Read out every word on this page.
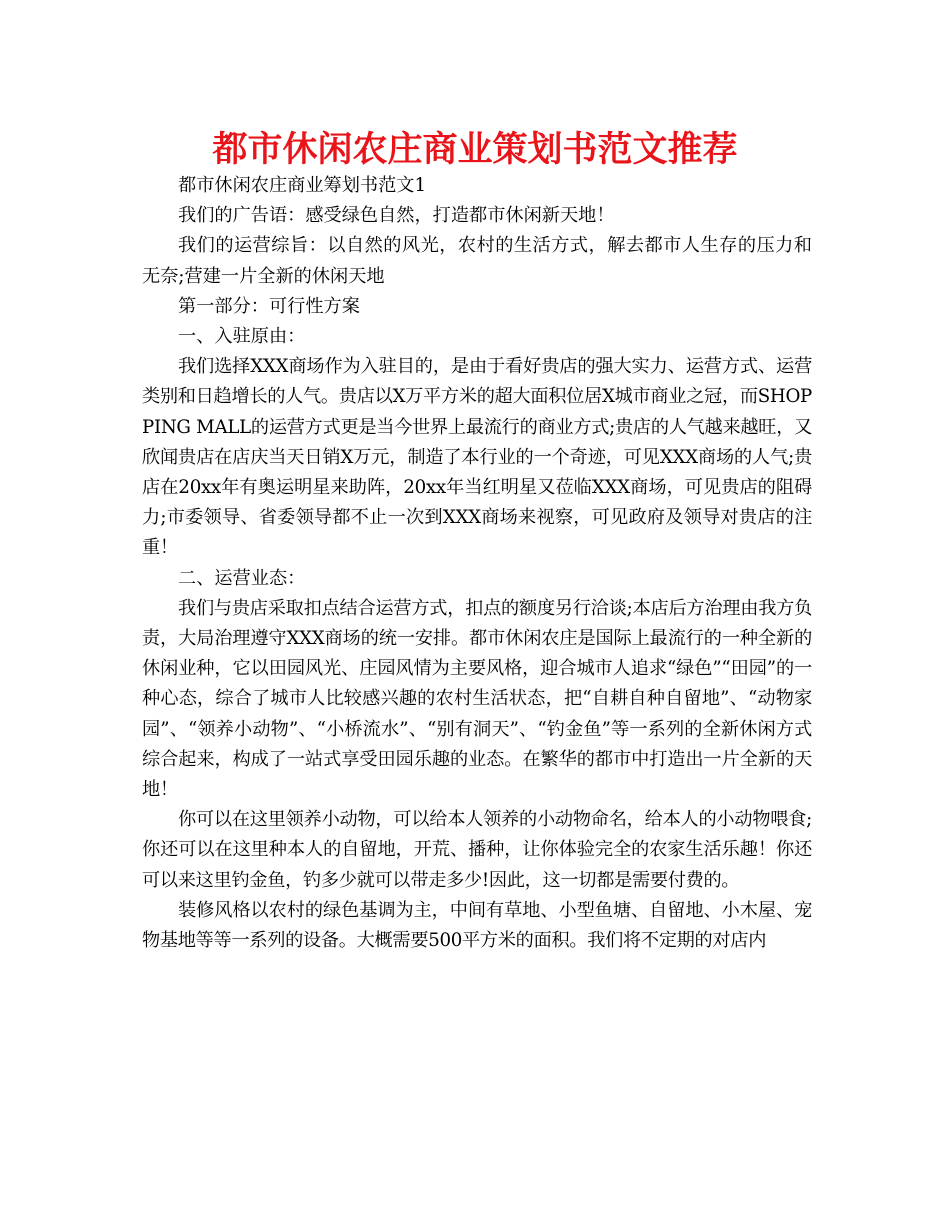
都市休闲农庄商业策划书范文推荐

都市休闲农庄商业筹划书范文1

我们的广告语：感受绿色自然，打造都市休闲新天地！

我们的运营综旨：以自然的风光，农村的生活方式，解去都市人生存的压力和无奈;营建一片全新的休闲天地

第一部分：可行性方案

一、入驻原由：

我们选择XXX商场作为入驻目的，是由于看好贵店的强大实力、运营方式、运营类别和日趋增长的人气。贵店以X万平方米的超大面积位居X城市商业之冠，而SHOPPING MALL的运营方式更是当今世界上最流行的商业方式;贵店的人气越来越旺，又欣闻贵店在店庆当天日销X万元，制造了本行业的一个奇迹，可见XXX商场的人气;贵店在20xx年有奥运明星来助阵，20xx年当红明星又莅临XXX商场，可见贵店的阻碍力;市委领导、省委领导都不止一次到XXX商场来视察，可见政府及领导对贵店的注重！

二、运营业态：

我们与贵店采取扣点结合运营方式，扣点的额度另行洽谈;本店后方治理由我方负责，大局治理遵守XXX商场的统一安排。都市休闲农庄是国际上最流行的一种全新的休闲业种，它以田园风光、庄园风情为主要风格，迎合城市人追求“绿色”“田园”的一种心态，综合了城市人比较感兴趣的农村生活状态，把“自耕自种自留地”、“动物家园”、“领养小动物”、“小桥流水”、“别有洞天”、“钓金鱼”等一系列的全新休闲方式综合起来，构成了一站式享受田园乐趣的业态。在繁华的都市中打造出一片全新的天地！

你可以在这里领养小动物，可以给本人领养的小动物命名，给本人的小动物喂食;你还可以在这里种本人的自留地，开荒、播种，让你体验完全的农家生活乐趣！你还可以来这里钓金鱼，钓多少就可以带走多少!因此，这一切都是需要付费的。

装修风格以农村的绿色基调为主，中间有草地、小型鱼塘、自留地、小木屋、宠物基地等等一系列的设备。大概需要500平方米的面积。我们将不定期的对店内
